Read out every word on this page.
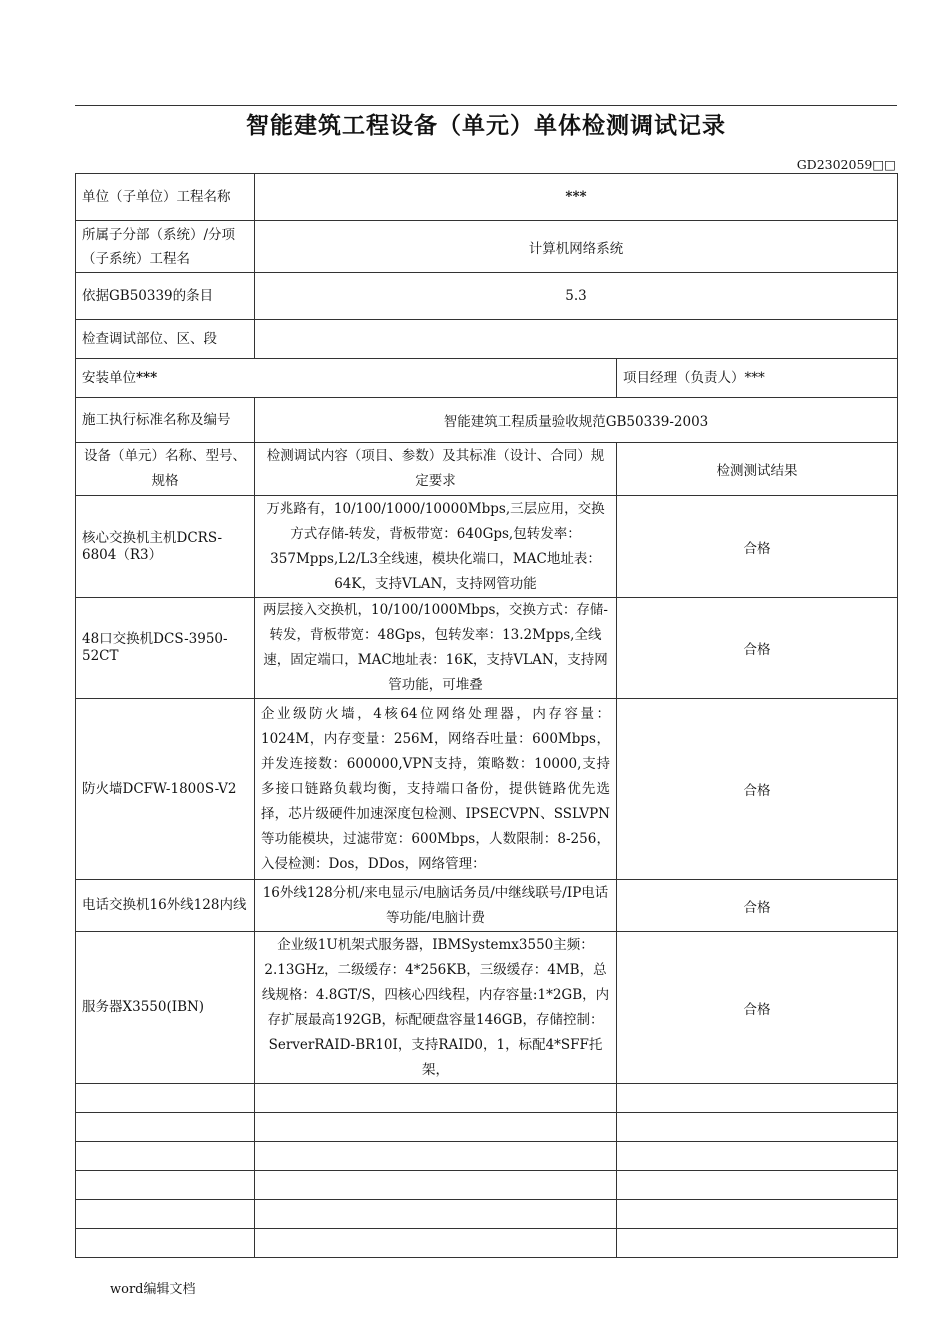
智能建筑工程设备（单元）单体检测调试记录
GD2302059□□
单位（子单位）工程名称	***	
所属子分部（系统）/分项（子系统）工程名	计算机网络系统	
依据GB50339的条目	5.3	
检查调试部位、区、段		
安装单位***		项目经理（负责人）***
施工执行标准名称及编号	智能建筑工程质量验收规范GB50339-2003	
设备（单元）名称、型号、规格	检测调试内容（项目、参数）及其标准（设计、合同）规定要求	检测测试结果
核心交换机主机DCRS-6804（R3）	万兆路有，10/100/1000/10000Mbps,三层应用，交换方式存储-转发，背板带宽：640Gps,包转发率：357Mpps,L2/L3全线速，模块化端口，MAC地址表：64K，支持VLAN，支持网管功能	合格
48口交换机DCS-3950-52CT	两层接入交换机，10/100/1000Mbps，交换方式：存储-转发，背板带宽：48Gps，包转发率：13.2Mpps,全线速，固定端口，MAC地址表：16K，支持VLAN，支持网管功能，可堆叠	合格
防火墙DCFW-1800S-V2	企业级防火墙，4核64位网络处理器，内存容量：1024M，内存变量：256M，网络吞吐量：600Mbps，并发连接数：600000,VPN支持，策略数：10000,支持多接口链路负载均衡，支持端口备份，提供链路优先选择，芯片级硬件加速深度包检测、IPSECVPN、SSLVPN等功能模块，过滤带宽：600Mbps，人数限制：8-256，入侵检测：Dos，DDos，网络管理：	合格
电话交换机16外线128内线	16外线128分机/来电显示/电脑话务员/中继线联号/IP电话等功能/电脑计费	合格
服务器X3550(IBN)	企业级1U机架式服务器，IBMSystemx3550主频：2.13GHz，二级缓存：4*256KB，三级缓存：4MB，总线规格：4.8GT/S，四核心四线程，内存容量:1*2GB，内存扩展最高192GB，标配硬盘容量146GB，存储控制：ServerRAID-BR10I，支持RAID0，1，标配4*SFF托架，	合格

word编辑文档
